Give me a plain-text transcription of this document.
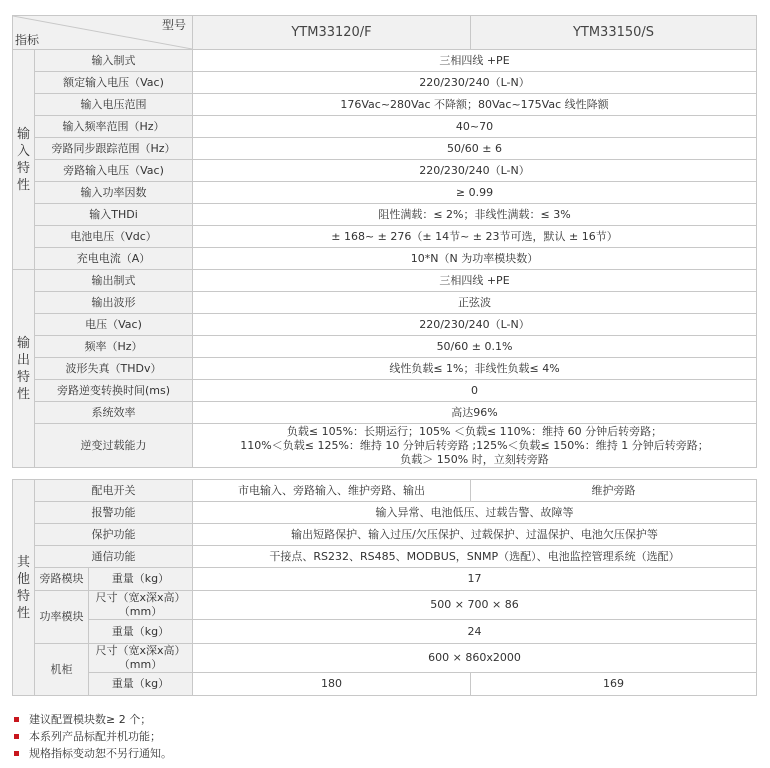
型号
指标		YTM33120/F	YTM33150/S
输入特性	输入制式	三相四线 +PE	
	额定输入电压（Vac)	220/230/240（L-N）	
	输入电压范围	176Vac~280Vac 不降额；80Vac~175Vac 线性降额	
	输入频率范围（Hz）	40~70	
	旁路同步跟踪范围（Hz）	50/60 ± 6	
	旁路输入电压（Vac)	220/230/240（L-N）	
	输入功率因数	≥ 0.99	
	输入THDi	阻性满载：≤ 2%；非线性满载：≤ 3%	
	电池电压（Vdc）	± 168~ ± 276（± 14节~ ± 23节可选，默认 ± 16节）	
	充电电流（A）	10*N（N 为功率模块数）	
输出特性	输出制式	三相四线 +PE	
	输出波形	正弦波	
	电压（Vac)	220/230/240（L-N）	
	频率（Hz）	50/60 ± 0.1%	
	波形失真（THDv）	线性负载≤ 1%；非线性负载≤ 4%	
	旁路逆变转换时间(ms)	0	
	系统效率	高达96%	
	逆变过载能力	负载≤ 105%：长期运行；105% ＜负载≤ 110%：维持 60 分钟后转旁路；
110%＜负载≤ 125%：维持 10 分钟后转旁路 ;125%＜负载≤ 150%：维持 1 分钟后转旁路；
负载＞ 150% 时，立刻转旁路	
其他特性	配电开关		市电输入、旁路输入、维护旁路、输出	维护旁路
	报警功能		输入异常、电池低压、过载告警、故障等	
	保护功能		输出短路保护、输入过压/欠压保护、过载保护、过温保护、电池欠压保护等	
	通信功能		干接点、RS232、RS485、MODBUS，SNMP（选配）、电池监控管理系统（选配）	
	旁路模块	重量（kg）	17	
	功率模块	尺寸（宽x深x高）
（mm）	500 × 700 × 86	
		重量（kg）	24	
	机柜	尺寸（宽x深x高）
（mm）	600 × 860x2000	
		重量（kg）	180	169
建议配置模块数≥ 2 个；
本系列产品标配并机功能；
规格指标变动恕不另行通知。
